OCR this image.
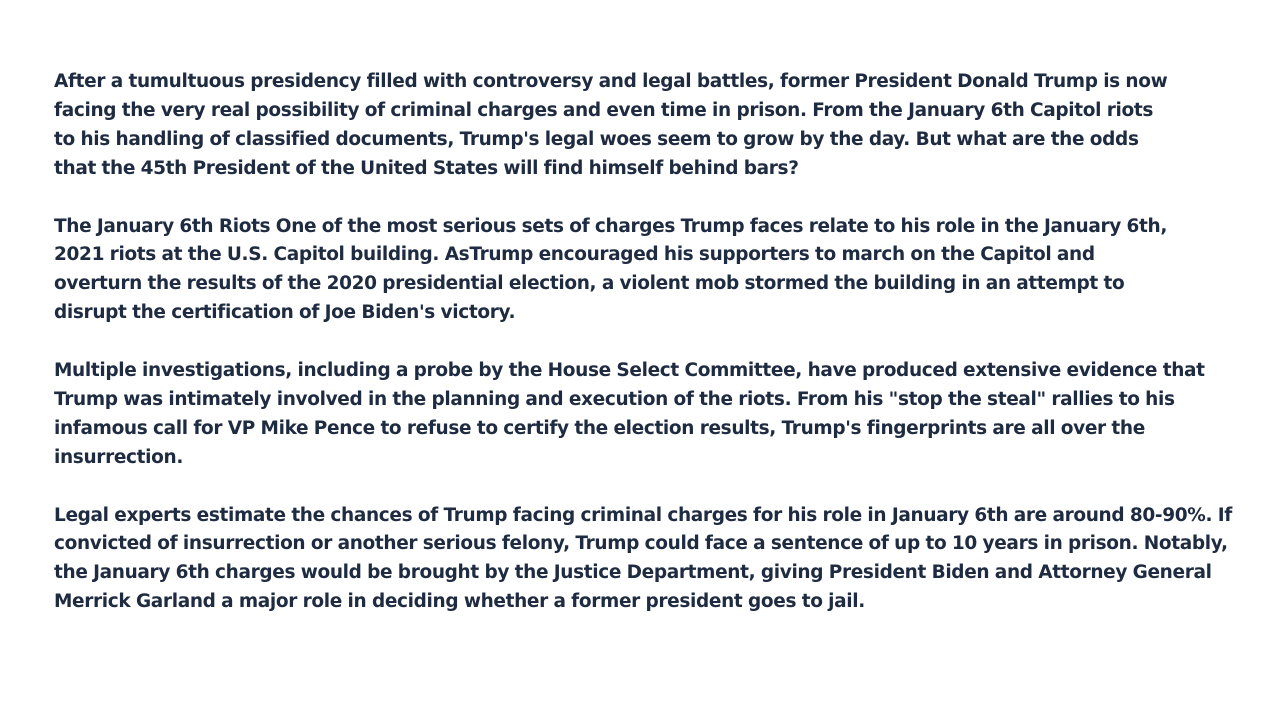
After a tumultuous presidency filled with controversy and legal battles, former President Donald Trump is now
facing the very real possibility of criminal charges and even time in prison. From the January 6th Capitol riots
to his handling of classified documents, Trump's legal woes seem to grow by the day. But what are the odds
that the 45th President of the United States will find himself behind bars?

The January 6th Riots One of the most serious sets of charges Trump faces relate to his role in the January 6th,
2021 riots at the U.S. Capitol building. AsTrump encouraged his supporters to march on the Capitol and
overturn the results of the 2020 presidential election, a violent mob stormed the building in an attempt to
disrupt the certification of Joe Biden's victory.

Multiple investigations, including a probe by the House Select Committee, have produced extensive evidence that
Trump was intimately involved in the planning and execution of the riots. From his "stop the steal" rallies to his
infamous call for VP Mike Pence to refuse to certify the election results, Trump's fingerprints are all over the
insurrection.

Legal experts estimate the chances of Trump facing criminal charges for his role in January 6th are around 80-90%. If
convicted of insurrection or another serious felony, Trump could face a sentence of up to 10 years in prison. Notably,
the January 6th charges would be brought by the Justice Department, giving President Biden and Attorney General
Merrick Garland a major role in deciding whether a former president goes to jail.
